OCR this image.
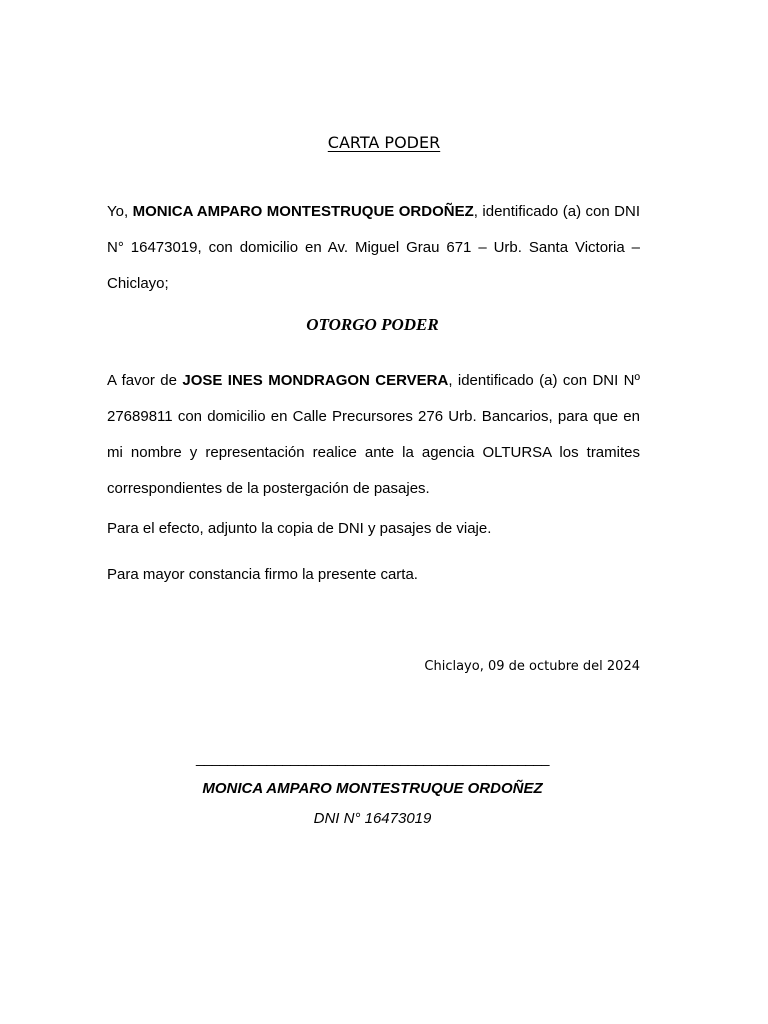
CARTA PODER
Yo, MONICA AMPARO MONTESTRUQUE ORDOÑEZ, identificado (a) con DNI N° 16473019, con domicilio en Av. Miguel Grau 671 – Urb. Santa Victoria – Chiclayo;
OTORGO PODER
A favor de JOSE INES MONDRAGON CERVERA, identificado (a) con DNI Nº 27689811 con domicilio en Calle Precursores 276 Urb. Bancarios, para que en mi nombre y representación realice ante la agencia OLTURSA los tramites correspondientes de la postergación de pasajes.
Para el efecto, adjunto la copia de DNI y pasajes de viaje.
Para mayor constancia firmo la presente carta.
Chiclayo, 09 de octubre del 2024
_____________________________________________
MONICA AMPARO MONTESTRUQUE ORDOÑEZ
DNI N° 16473019
